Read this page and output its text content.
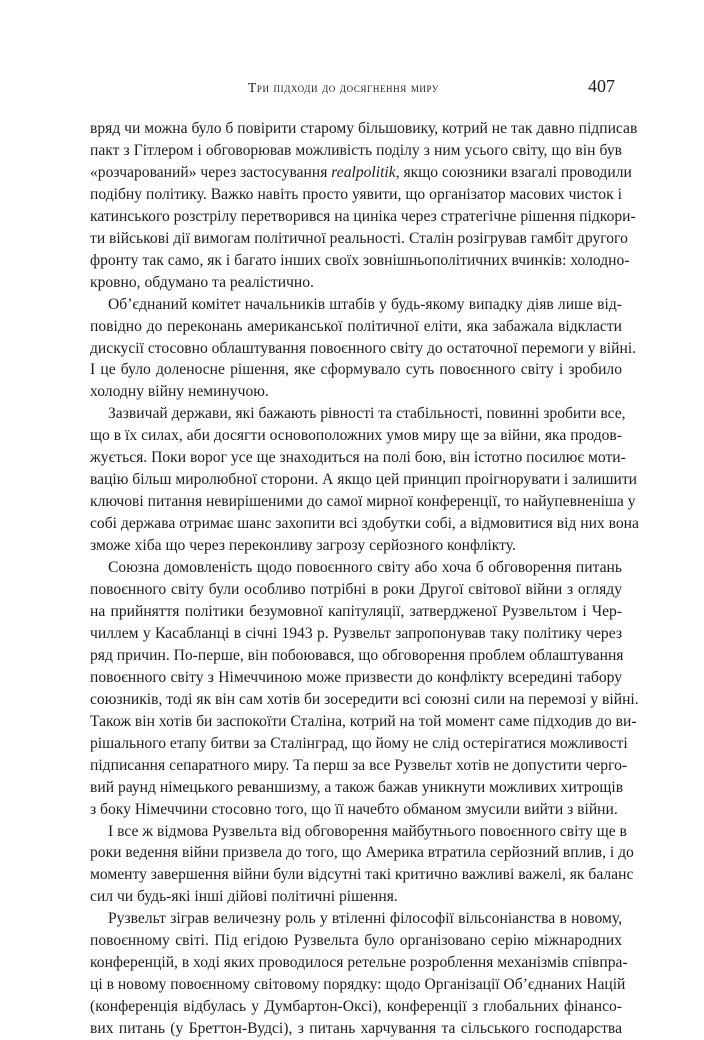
Три підходи до досягнення миру	407

вряд чи можна було б повірити старому більшовику, котрий не так давно підписав
пакт з Гітлером і обговорював можливість поділу з ним усього світу, що він був
«розчарований» через застосування realpolitik, якщо союзники взагалі проводили
подібну політику. Важко навіть просто уявити, що організатор масових чисток і
катинського розстрілу перетворився на циніка через стратегічне рішення підкори-
ти військові дії вимогам політичної реальності. Сталін розігрував гамбіт другого
фронту так само, як і багато інших своїх зовнішньополітичних вчинків: холодно-
кровно, обдумано та реалістично.

Об’єднаний комітет начальників штабів у будь-якому випадку діяв лише від-
повідно до переконань американської політичної еліти, яка забажала відкласти
дискусії стосовно облаштування повоєнного світу до остаточної перемоги у війні.
І це було доленосне рішення, яке сформувало суть повоєнного світу і зробило
холодну війну неминучою.

Зазвичай держави, які бажають рівності та стабільності, повинні зробити все,
що в їх силах, аби досягти основоположних умов миру ще за війни, яка продов-
жується. Поки ворог усе ще знаходиться на полі бою, він істотно посилює моти-
вацію більш миролюбної сторони. А якщо цей принцип проігнорувати і залишити
ключові питання невирішеними до самої мирної конференції, то найупевненіша у
собі держава отримає шанс захопити всі здобутки собі, а відмовитися від них вона
зможе хіба що через переконливу загрозу серйозного конфлікту.

Союзна домовленість щодо повоєнного світу або хоча б обговорення питань
повоєнного світу були особливо потрібні в роки Другої світової війни з огляду
на прийняття політики безумовної капітуляції, затвердженої Рузвельтом і Чер-
чиллем у Касабланці в січні 1943 р. Рузвельт запропонував таку політику через
ряд причин. По-перше, він побоювався, що обговорення проблем облаштування
повоєнного світу з Німеччиною може призвести до конфлікту всередині табору
союзників, тоді як він сам хотів би зосередити всі союзні сили на перемозі у війні.
Також він хотів би заспокоїти Сталіна, котрий на той момент саме підходив до ви-
рішального етапу битви за Сталінград, що йому не слід остерігатися можливості
підписання сепаратного миру. Та перш за все Рузвельт хотів не допустити черго-
вий раунд німецького реваншизму, а також бажав уникнути можливих хитрощів
з боку Німеччини стосовно того, що її начебто обманом змусили вийти з війни.

І все ж відмова Рузвельта від обговорення майбутнього повоєнного світу ще в
роки ведення війни призвела до того, що Америка втратила серйозний вплив, і до
моменту завершення війни були відсутні такі критично важливі важелі, як баланс
сил чи будь-які інші дійові політичні рішення.

Рузвельт зіграв величезну роль у втіленні філософії вільсоніанства в новому,
повоєнному світі. Під егідою Рузвельта було організовано серію міжнародних
конференцій, в ході яких проводилося ретельне розроблення механізмів співпра-
ці в новому повоєнному світовому порядку: щодо Організації Об’єднаних Націй
(конференція відбулась у Думбартон-Оксі), конференції з глобальних фінансо-
вих питань (у Бреттон-Вудсі), з питань харчування та сільського господарства
